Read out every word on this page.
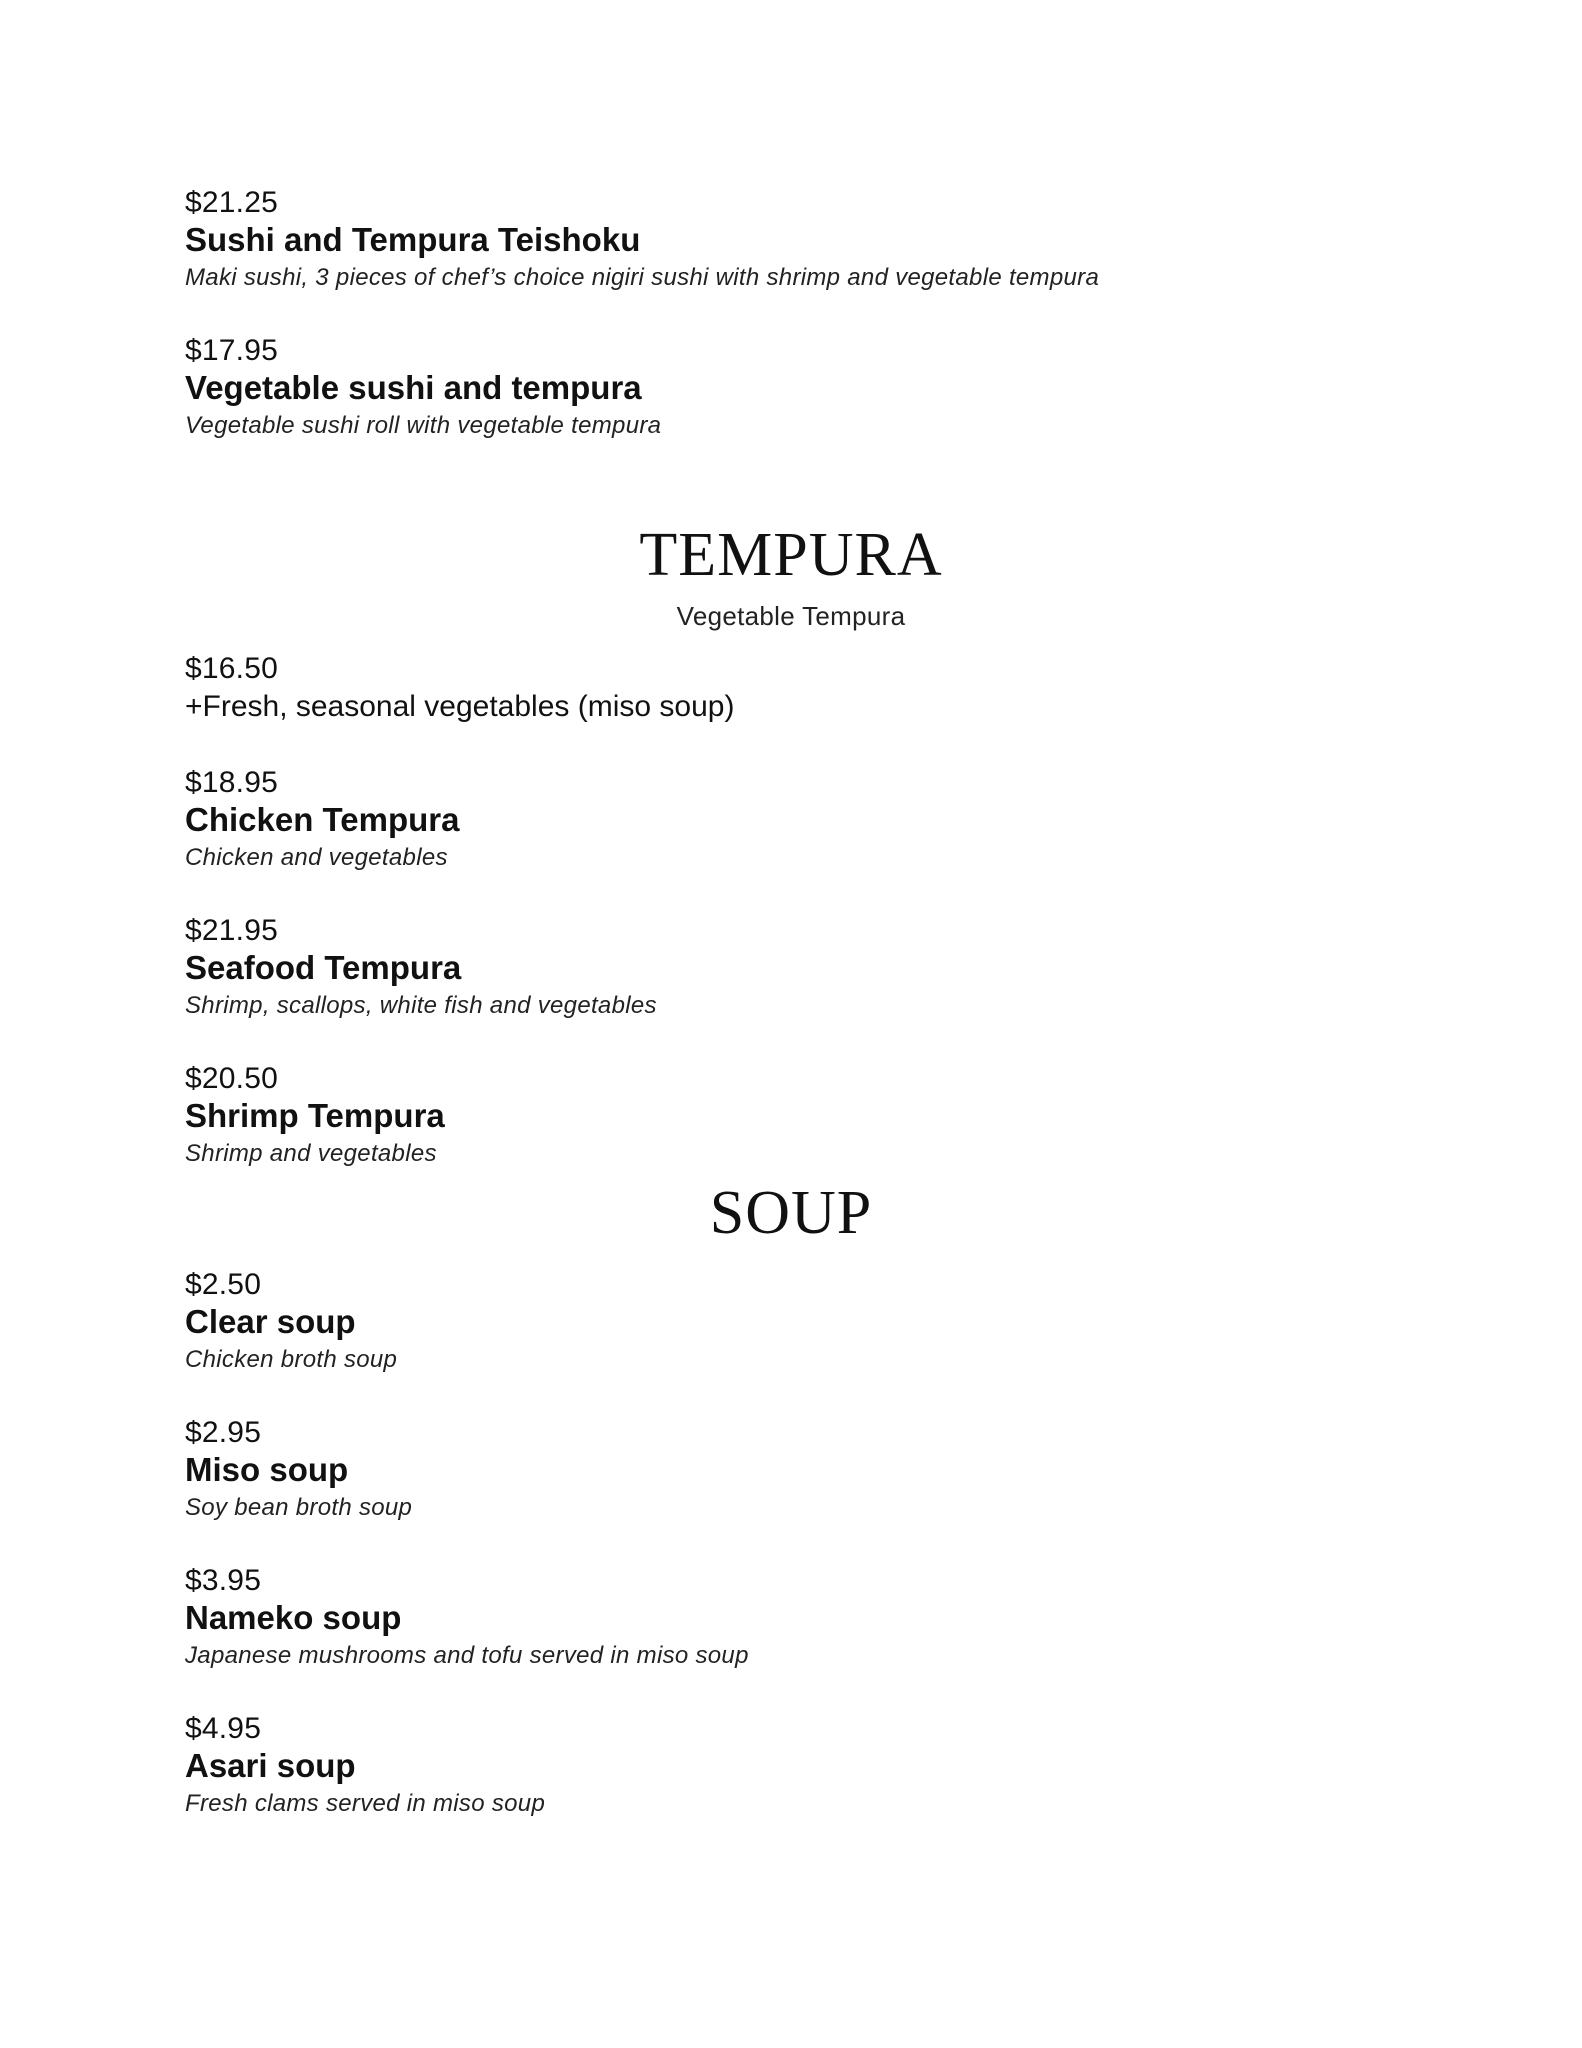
$21.25
Sushi and Tempura Teishoku
Maki sushi, 3 pieces of chef’s choice nigiri sushi with shrimp and vegetable tempura
$17.95
Vegetable sushi and tempura
Vegetable sushi roll with vegetable tempura
TEMPURA
Vegetable Tempura
$16.50
+Fresh, seasonal vegetables (miso soup)
$18.95
Chicken Tempura
Chicken and vegetables
$21.95
Seafood Tempura
Shrimp, scallops, white fish and vegetables
$20.50
Shrimp Tempura
Shrimp and vegetables
SOUP
$2.50
Clear soup
Chicken broth soup
$2.95
Miso soup
Soy bean broth soup
$3.95
Nameko soup
Japanese mushrooms and tofu served in miso soup
$4.95
Asari soup
Fresh clams served in miso soup
